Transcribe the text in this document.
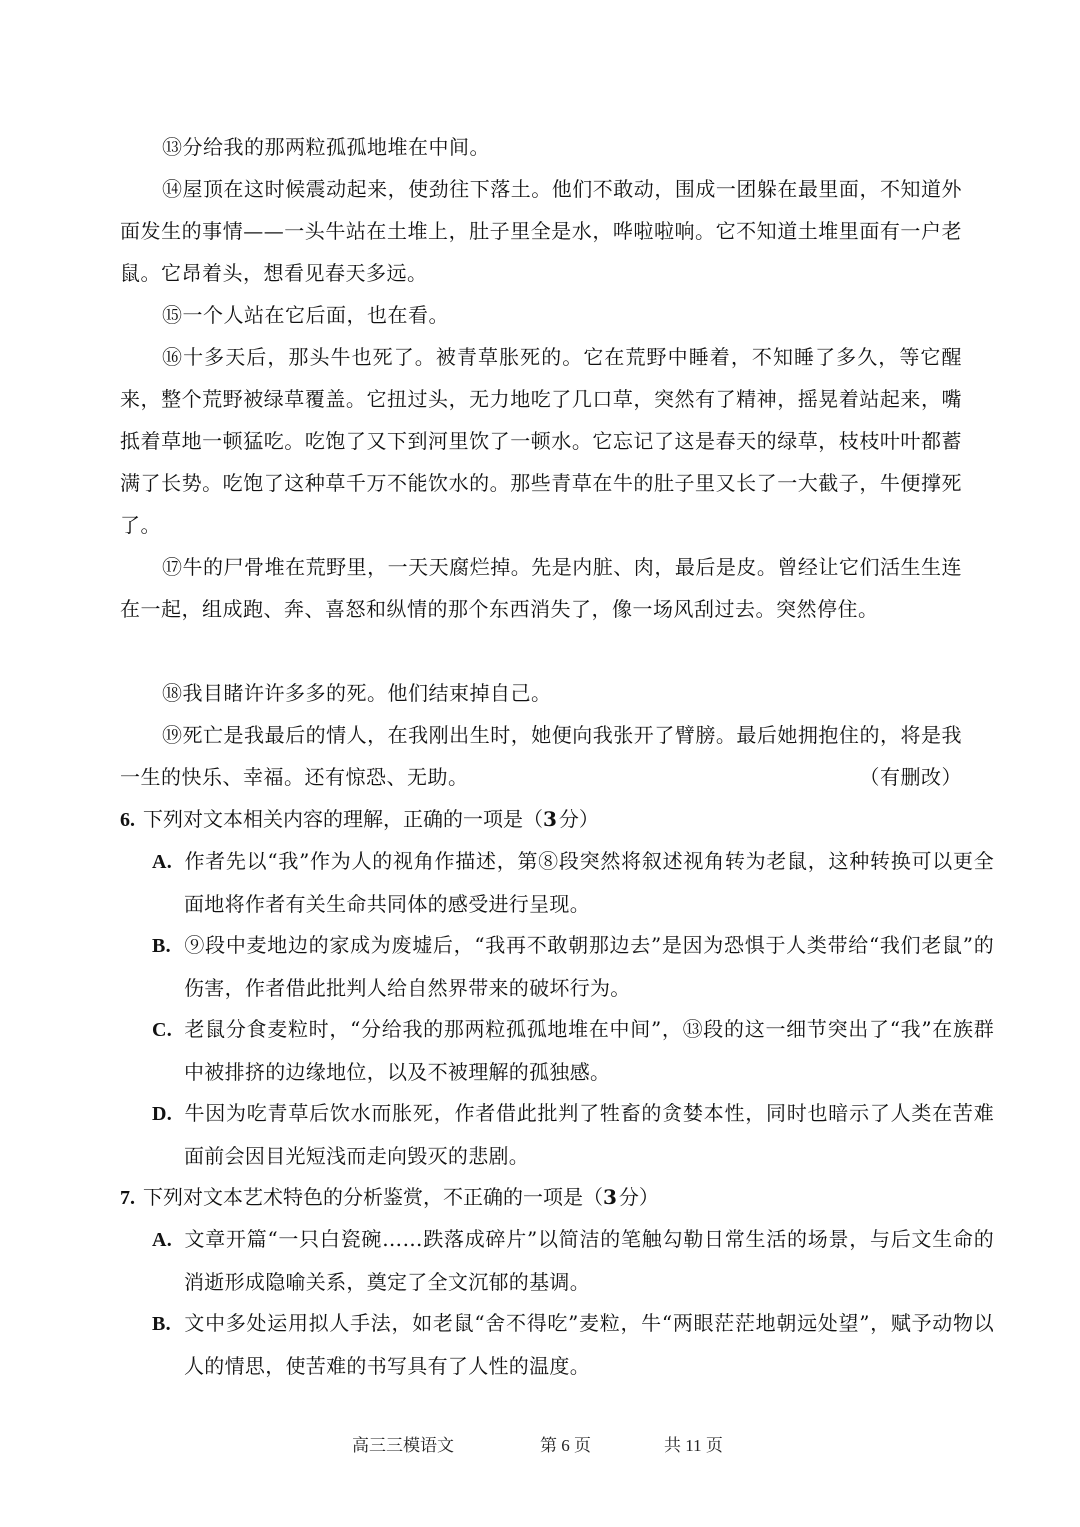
⑬分给我的那两粒孤孤地堆在中间。

⑭屋顶在这时候震动起来，使劲往下落土。他们不敢动，围成一团躲在最里面，不知道外面发生的事情——一头牛站在土堆上，肚子里全是水，哗啦啦响。它不知道土堆里面有一户老鼠。它昂着头，想看见春天多远。

⑮一个人站在它后面，也在看。

⑯十多天后，那头牛也死了。被青草胀死的。它在荒野中睡着，不知睡了多久，等它醒来，整个荒野被绿草覆盖。它扭过头，无力地吃了几口草，突然有了精神，摇晃着站起来，嘴抵着草地一顿猛吃。吃饱了又下到河里饮了一顿水。它忘记了这是春天的绿草，枝枝叶叶都蓄满了长势。吃饱了这种草千万不能饮水的。那些青草在牛的肚子里又长了一大截子，牛便撑死了。

⑰牛的尸骨堆在荒野里，一天天腐烂掉。先是内脏、肉，最后是皮。曾经让它们活生生连在一起，组成跑、奔、喜怒和纵情的那个东西消失了，像一场风刮过去。突然停住。

⑱我目睹许许多多的死。他们结束掉自己。

⑲死亡是我最后的情人，在我刚出生时，她便向我张开了臂膀。最后她拥抱住的，将是我一生的快乐、幸福。还有惊恐、无助。	（有删改）

6. 下列对文本相关内容的理解，正确的一项是（3  分）

A. 作者先以“我”作为人的视角作描述，第⑧段突然将叙述视角转为老鼠，这种转换可以更全面地将作者有关生命共同体的感受进行呈现。

B. ⑨段中麦地边的家成为废墟后，“我再不敢朝那边去”是因为恐惧于人类带给“我们老鼠”的伤害，作者借此批判人给自然界带来的破坏行为。

C. 老鼠分食麦粒时，“分给我的那两粒孤孤地堆在中间”，⑬段的这一细节突出了“我”在族群中被排挤的边缘地位，以及不被理解的孤独感。

D. 牛因为吃青草后饮水而胀死，作者借此批判了牲畜的贪婪本性，同时也暗示了人类在苦难面前会因目光短浅而走向毁灭的悲剧。

7. 下列对文本艺术特色的分析鉴赏，不正确的一项是（3  分）

A. 文章开篇“一只白瓷碗……跌落成碎片”以简洁的笔触勾勒日常生活的场景，与后文生命的消逝形成隐喻关系，奠定了全文沉郁的基调。

B. 文中多处运用拟人手法，如老鼠“舍不得吃”麦粒，牛“两眼茫茫地朝远处望”，赋予动物以人的情思，使苦难的书写具有了人性的温度。

高三三模语文	第 6 页	共 11 页
